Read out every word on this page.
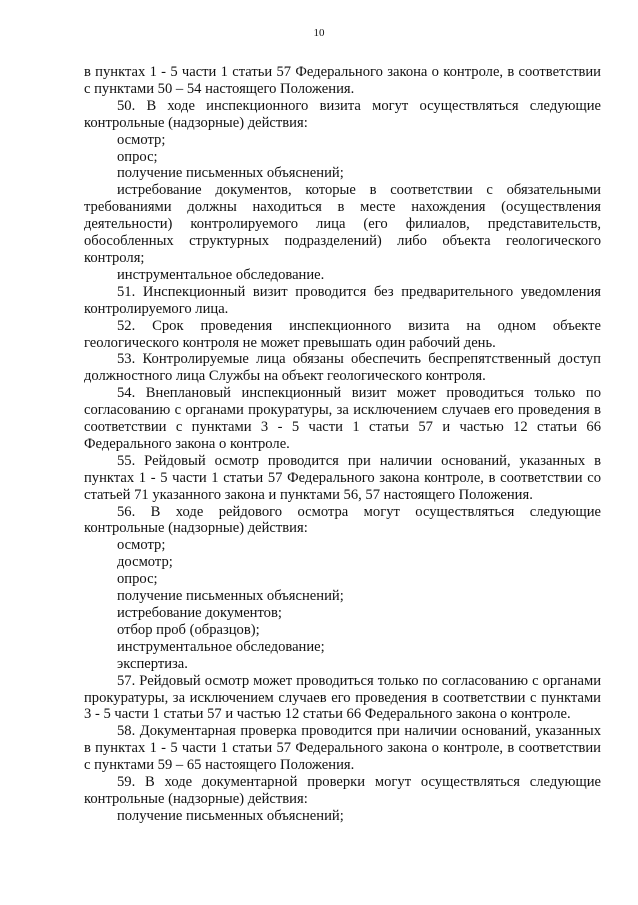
10

в пунктах 1 - 5 части 1 статьи 57 Федерального закона о контроле, в соответствии с пунктами 50 – 54 настоящего Положения.

50. В ходе инспекционного визита могут осуществляться следующие контрольные (надзорные) действия:

осмотр;

опрос;

получение письменных объяснений;

истребование документов, которые в соответствии с обязательными требованиями должны находиться в месте нахождения (осуществления деятельности) контролируемого лица (его филиалов, представительств, обособленных структурных подразделений) либо объекта геологического контроля;

инструментальное обследование.

51. Инспекционный визит проводится без предварительного уведомления контролируемого лица.

52. Срок проведения инспекционного визита на одном объекте геологического контроля не может превышать один рабочий день.

53. Контролируемые лица обязаны обеспечить беспрепятственный доступ должностного лица Службы на объект геологического контроля.

54. Внеплановый инспекционный визит может проводиться только по согласованию с органами прокуратуры, за исключением случаев его проведения в соответствии с пунктами 3 - 5 части 1 статьи 57 и частью 12 статьи 66 Федерального закона о контроле.

55. Рейдовый осмотр проводится при наличии оснований, указанных в пунктах 1 - 5 части 1 статьи 57 Федерального закона контроле, в соответствии со статьей 71 указанного закона и пунктами 56, 57 настоящего Положения.

56. В ходе рейдового осмотра могут осуществляться следующие контрольные (надзорные) действия:

осмотр;

досмотр;

опрос;

получение письменных объяснений;

истребование документов;

отбор проб (образцов);

инструментальное обследование;

экспертиза.

57. Рейдовый осмотр может проводиться только по согласованию с органами прокуратуры, за исключением случаев его проведения в соответствии с пунктами 3 - 5 части 1 статьи 57 и частью 12 статьи 66 Федерального закона о контроле.

58. Документарная проверка проводится при наличии оснований, указанных в пунктах 1 - 5 части 1 статьи 57 Федерального закона о контроле, в соответствии с пунктами 59 – 65 настоящего Положения.

59. В ходе документарной проверки могут осуществляться следующие контрольные (надзорные) действия:

получение письменных объяснений;
